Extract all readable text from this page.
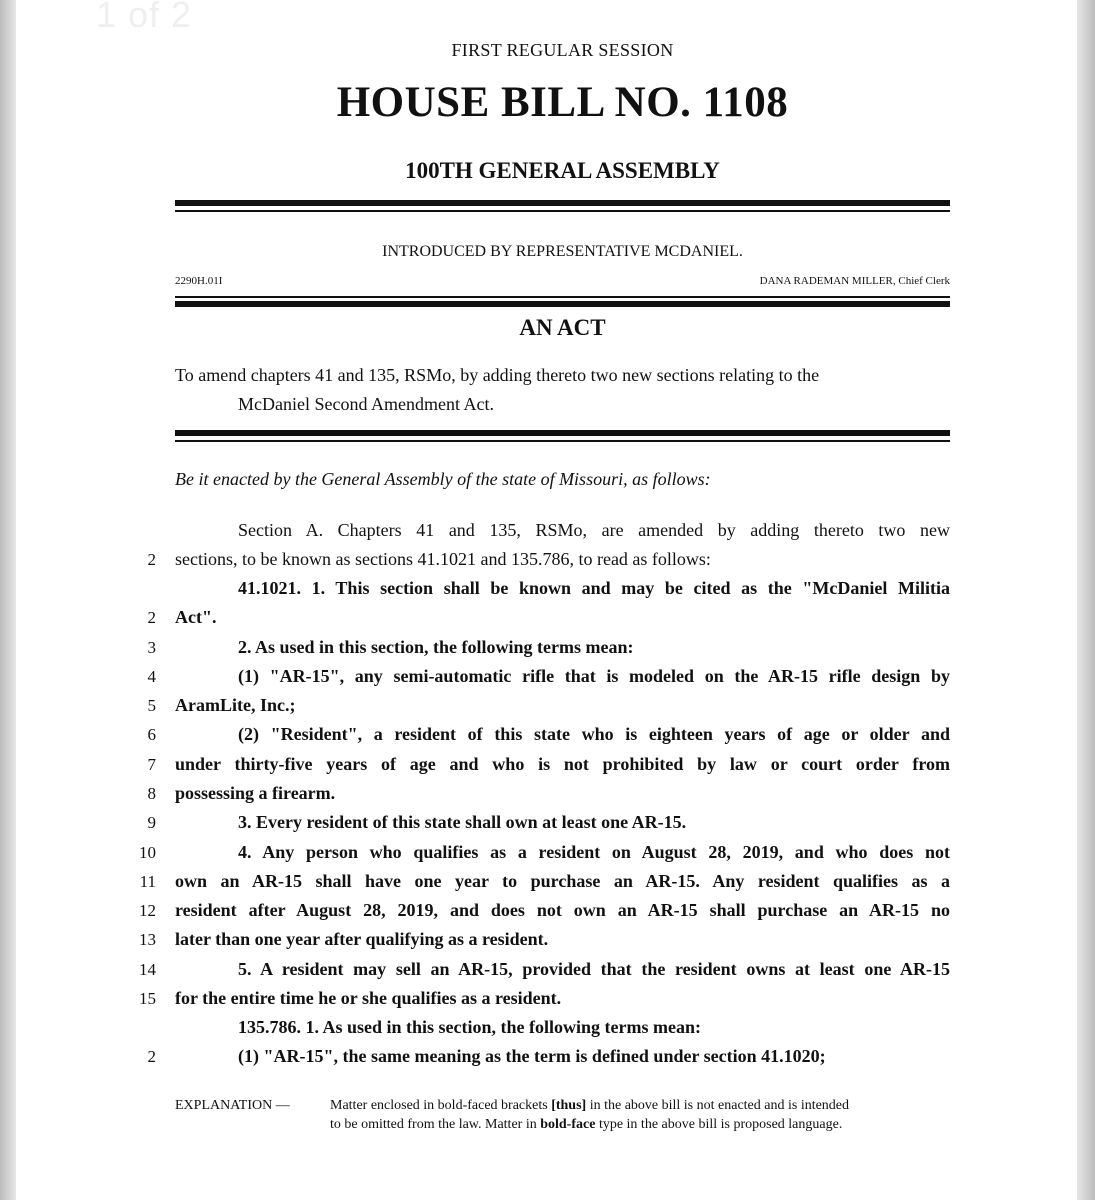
1 of 2
FIRST REGULAR SESSION
HOUSE BILL NO. 1108
100TH GENERAL ASSEMBLY
INTRODUCED BY REPRESENTATIVE MCDANIEL.
2290H.01I	DANA RADEMAN MILLER, Chief Clerk
AN ACT
To amend chapters 41 and 135, RSMo, by adding thereto two new sections relating to the
McDaniel Second Amendment Act.
Be it enacted by the General Assembly of the state of Missouri, as follows:
Section A. Chapters 41 and 135, RSMo, are amended by adding thereto two new
2 sections, to be known as sections 41.1021 and 135.786, to read as follows:
41.1021. 1. This section shall be known and may be cited as the "McDaniel Militia
2 Act".
3	2. As used in this section, the following terms mean:
4	(1) "AR-15", any semi-automatic rifle that is modeled on the AR-15 rifle design by
5 AramLite, Inc.;
6	(2) "Resident", a resident of this state who is eighteen years of age or older and
7 under thirty-five years of age and who is not prohibited by law or court order from
8 possessing a firearm.
9	3. Every resident of this state shall own at least one AR-15.
10	4. Any person who qualifies as a resident on August 28, 2019, and who does not
11 own an AR-15 shall have one year to purchase an AR-15. Any resident qualifies as a
12 resident after August 28, 2019, and does not own an AR-15 shall purchase an AR-15 no
13 later than one year after qualifying as a resident.
14	5. A resident may sell an AR-15, provided that the resident owns at least one AR-15
15 for the entire time he or she qualifies as a resident.
135.786. 1. As used in this section, the following terms mean:
2	(1) "AR-15", the same meaning as the term is defined under section 41.1020;
EXPLANATION —	Matter enclosed in bold-faced brackets [thus] in the above bill is not enacted and is intended
to be omitted from the law. Matter in bold-face type in the above bill is proposed language.
